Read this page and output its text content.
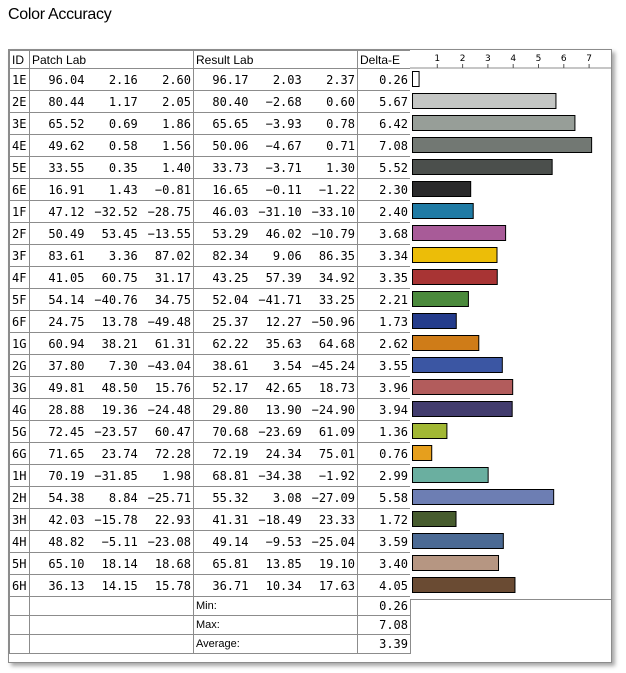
Color Accuracy
ID	Patch Lab	Result Lab	Delta-E
1E	96.04 2.16 2.60	96.17 2.03 2.37	0.26
2E	80.44 1.17 2.05	80.40 −2.68 0.60	5.67
3E	65.52 0.69 1.86	65.65 −3.93 0.78	6.42
4E	49.62 0.58 1.56	50.06 −4.67 0.71	7.08
5E	33.55 0.35 1.40	33.73 −3.71 1.30	5.52
6E	16.91 1.43 −0.81	16.65 −0.11 −1.22	2.30
1F	47.12 −32.52 −28.75	46.03 −31.10 −33.10	2.40
2F	50.49 53.45 −13.55	53.29 46.02 −10.79	3.68
3F	83.61 3.36 87.02	82.34 9.06 86.35	3.34
4F	41.05 60.75 31.17	43.25 57.39 34.92	3.35
5F	54.14 −40.76 34.75	52.04 −41.71 33.25	2.21
6F	24.75 13.78 −49.48	25.37 12.27 −50.96	1.73
1G	60.94 38.21 61.31	62.22 35.63 64.68	2.62
2G	37.80 7.30 −43.04	38.61 3.54 −45.24	3.55
3G	49.81 48.50 15.76	52.17 42.65 18.73	3.96
4G	28.88 19.36 −24.48	29.80 13.90 −24.90	3.94
5G	72.45 −23.57 60.47	70.68 −23.69 61.09	1.36
6G	71.65 23.74 72.28	72.19 24.34 75.01	0.76
1H	70.19 −31.85 1.98	68.81 −34.38 −1.92	2.99
2H	54.38 8.84 −25.71	55.32 3.08 −27.09	5.58
3H	42.03 −15.78 22.93	41.31 −18.49 23.33	1.72
4H	48.82 −5.11 −23.08	49.14 −9.53 −25.04	3.59
5H	65.10 18.14 18.68	65.81 13.85 19.10	3.40
6H	36.13 14.15 15.78	36.71 10.34 17.63	4.05
		Min:	0.26
		Max:	7.08
		Average:	3.39
1 2 3 4 5 6 7
